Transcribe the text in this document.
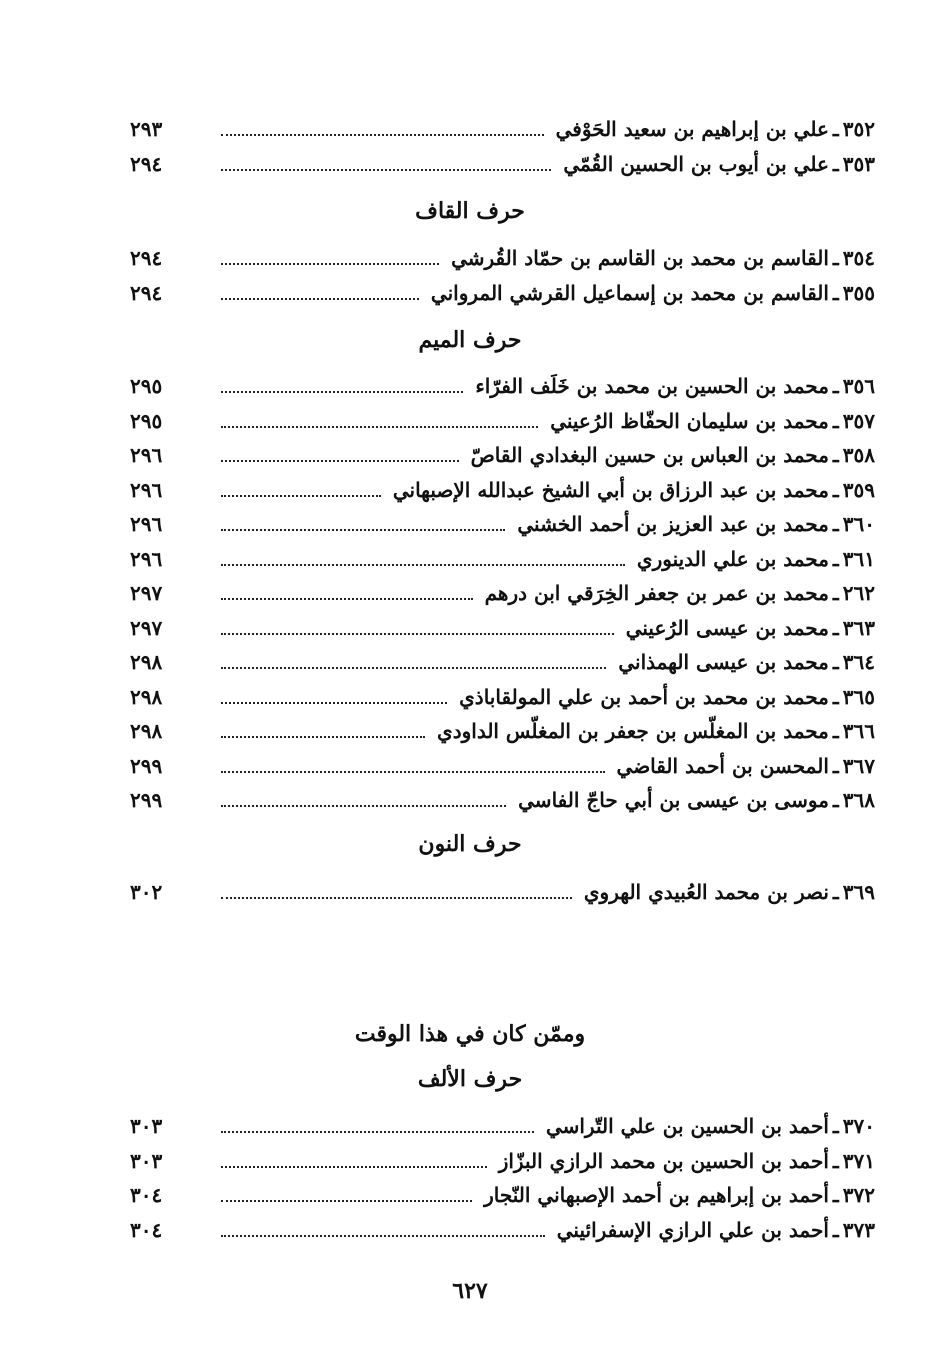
٣٥٢
ـ
علي بن إبراهيم بن سعيد الحَوْفي
٢٩٣
٣٥٣
ـ
علي بن أيوب بن الحسين القُمّي
٢٩٤
حرف القاف
٣٥٤
ـ
القاسم بن محمد بن القاسم بن حمّاد القُرشي
٢٩٤
٣٥٥
ـ
القاسم بن محمد بن إسماعيل القرشي المرواني
٢٩٤
حرف الميم
٣٥٦
ـ
محمد بن الحسين بن محمد بن خَلَف الفرّاء
٢٩٥
٣٥٧
ـ
محمد بن سليمان الحفّاظ الرُعيني
٢٩٥
٣٥٨
ـ
محمد بن العباس بن حسين البغدادي القاصّ
٢٩٦
٣٥٩
ـ
محمد بن عبد الرزاق بن أبي الشيخ عبدالله الإصبهاني
٢٩٦
٣٦٠
ـ
محمد بن عبد العزيز بن أحمد الخشني
٢٩٦
٣٦١
ـ
محمد بن علي الدينوري
٢٩٦
٢٦٢
ـ
محمد بن عمر بن جعفر الخِرَقي ابن درهم
٢٩٧
٣٦٣
ـ
محمد بن عيسى الرُعيني
٢٩٧
٣٦٤
ـ
محمد بن عيسى الهمذاني
٢٩٨
٣٦٥
ـ
محمد بن محمد بن أحمد بن علي المولقاباذي
٢٩٨
٣٦٦
ـ
محمد بن المغلّس بن جعفر بن المغلّس الداودي
٢٩٨
٣٦٧
ـ
المحسن بن أحمد القاضي
٢٩٩
٣٦٨
ـ
موسى بن عيسى بن أبي حاجّ الفاسي
٢٩٩
حرف النون
٣٦٩
ـ
نصر بن محمد العُبيدي الهروي
٣٠٢
وممّن كان في هذا الوقت
حرف الألف
٣٧٠
ـ
أحمد بن الحسين بن علي التّراسي
٣٠٣
٣٧١
ـ
أحمد بن الحسين بن محمد الرازي البزّاز
٣٠٣
٣٧٢
ـ
أحمد بن إبراهيم بن أحمد الإصبهاني النّجار
٣٠٤
٣٧٣
ـ
أحمد بن علي الرازي الإسفرائيني
٣٠٤
٦٢٧
